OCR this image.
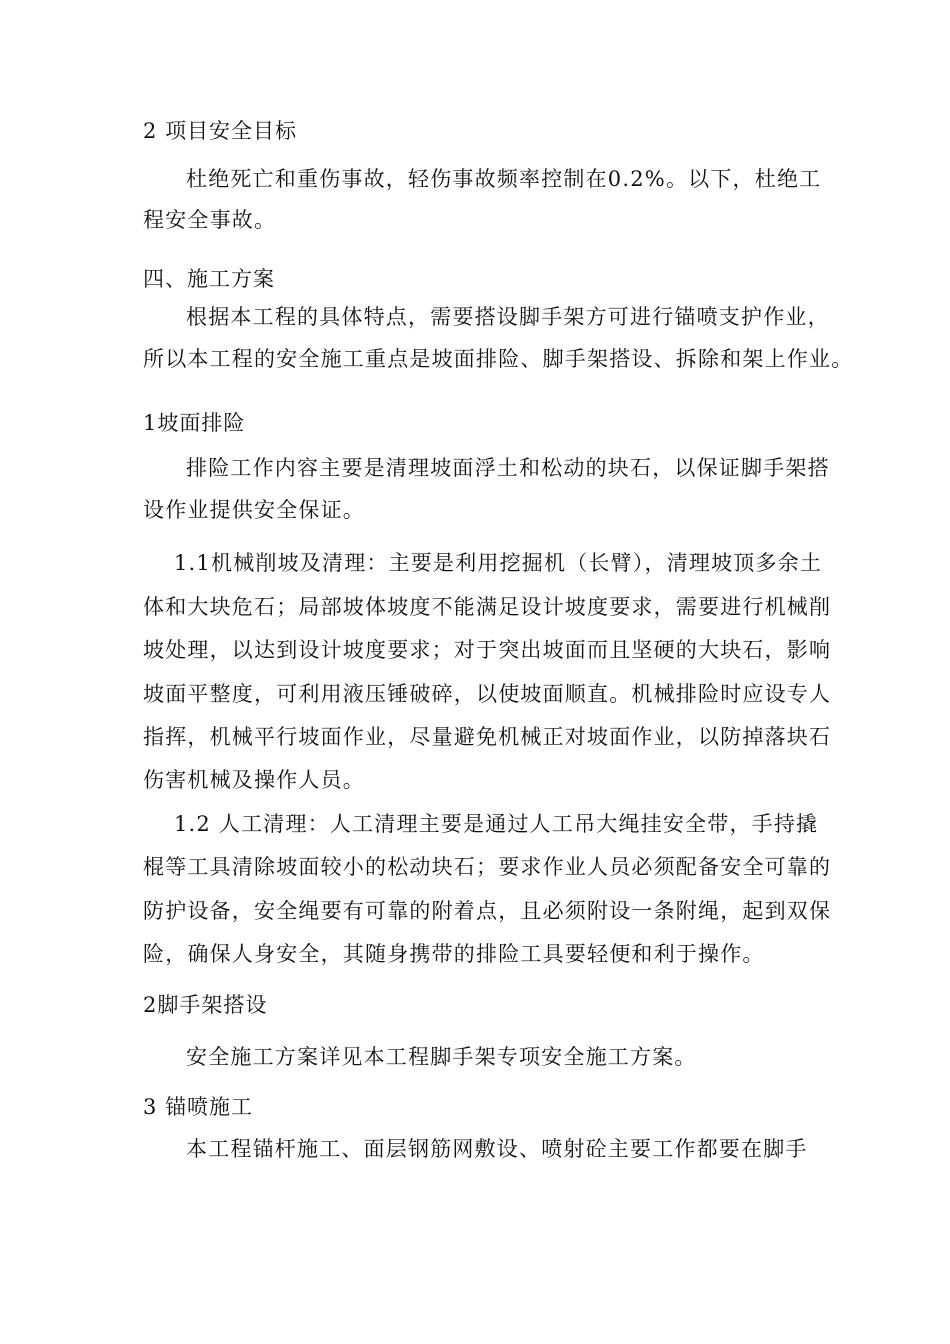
2 项目安全目标
杜绝死亡和重伤事故，轻伤事故频率控制在0.2%。以下，杜绝工
程安全事故。
四、施工方案
根据本工程的具体特点，需要搭设脚手架方可进行锚喷支护作业，
所以本工程的安全施工重点是坡面排险、脚手架搭设、拆除和架上作业。
1坡面排险
排险工作内容主要是清理坡面浮土和松动的块石，以保证脚手架搭
设作业提供安全保证。
1.1机械削坡及清理：主要是利用挖掘机（长臂），清理坡顶多余土
体和大块危石；局部坡体坡度不能满足设计坡度要求，需要进行机械削
坡处理，以达到设计坡度要求；对于突出坡面而且坚硬的大块石，影响
坡面平整度，可利用液压锤破碎，以使坡面顺直。机械排险时应设专人
指挥，机械平行坡面作业，尽量避免机械正对坡面作业，以防掉落块石
伤害机械及操作人员。
1.2 人工清理：人工清理主要是通过人工吊大绳挂安全带，手持撬
棍等工具清除坡面较小的松动块石；要求作业人员必须配备安全可靠的
防护设备，安全绳要有可靠的附着点，且必须附设一条附绳，起到双保
险，确保人身安全，其随身携带的排险工具要轻便和利于操作。
2脚手架搭设
安全施工方案详见本工程脚手架专项安全施工方案。
3 锚喷施工
本工程锚杆施工、面层钢筋网敷设、喷射砼主要工作都要在脚手
